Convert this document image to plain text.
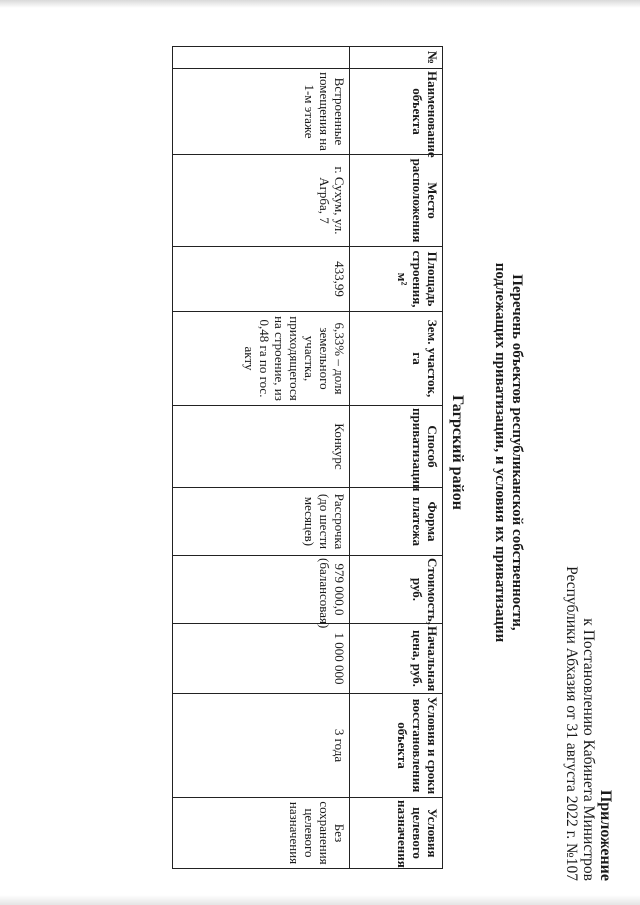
Приложение
к Постановлению Кабинета Министров
Республики Абхазия от 31 августа 2022 г. №107
Перечень объектов республиканской собственности,
подлежащих приватизации, и условия их приватизации
Гагрский район
№	Наименование объекта	Место расположения	Площадь строения, м²	Зем. участок, га	Способ приватизации	Форма платежа	Стоимость, руб.	Начальная цена, руб.	Условия и сроки восстановления объекта	Условия целевого назначения
	Встроенные помещения на 1-м этаже	г. Сухум, ул. Агрба, 7	433,99	6,33% – доля земельного участка, приходящегося на строение, из 0,48 га по гос. акту	Конкурс	Рассрочка (до шести месяцев)	979 000,0 (балансовая)	1 000 000	3 года	Без сохранения целевого назначения
